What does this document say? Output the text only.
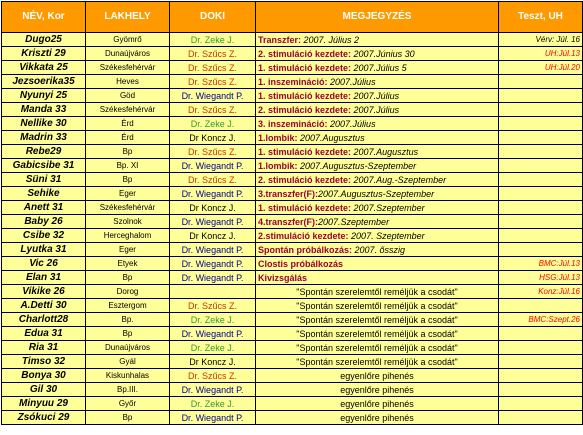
NÉV, Kor	LAKHELY	DOKI	MEGJEGYZÉS	Teszt, UH
Dugo25	Gyömrő	Dr. Zeke J.	Transzfer: 2007. Július 2	Vérv: Júl. 16
Kriszti 29	Dunaújváros	Dr. Szűcs Z.	2. stimuláció kezdete: 2007.Június 30	UH:Júl.13
Vikkata 25	Székesfehérvár	Dr. Szűcs Z.	1. stimuláció kezdete: 2007.Július 5	UH:Júl.20
Jezsoerika35	Heves	Dr. Szűcs Z.	1. inszemináció: 2007.Július	
Nyunyi 25	Göd	Dr. Wiegandt P.	1. stimuláció kezdete: 2007.Július	
Manda 33	Székesfehérvár	Dr. Szűcs Z.	2. stimuláció kezdete: 2007.Július	
Nellike 30	Érd	Dr. Zeke J.	3. inszemináció: 2007.Július	
Madrin 33	Érd	Dr Koncz J.	1.lombik: 2007.Augusztus	
Rebe29	Bp	Dr. Szűcs Z.	1. stimuláció kezdete: 2007.Augusztus	
Gabicsibe 31	Bp. XI	Dr. Wiegandt P.	1.lombik: 2007.Augusztus-Szeptember	
Süni 31	Bp	Dr. Szűcs Z.	2. stimuláció kezdete: 2007.Aug.-Szeptember	
Sehike	Eger	Dr. Wiegandt P.	3.transzfer(F):2007.Augusztus-Szeptember	
Anett 31	Székesfehérvár	Dr Koncz J.	1. stimuláció kezdete: 2007.Szeptember	
Baby 26	Szolnok	Dr. Wiegandt P.	4.transzfer(F):2007.Szeptember	
Csibe 32	Herceghalom	Dr Koncz J.	2.stimuláció kezdete: 2007. Szeptember	
Lyutka 31	Eger	Dr. Wiegandt P.	Spontán próbálkozás: 2007. ősszig	
Vic 26	Etyek	Dr. Wiegandt P.	Clostis próbálkozás	BMC:Júl.13
Elan 31	Bp	Dr. Wiegandt P.	Kivizsgálás	HSG:Júl.13
Vikike 26	Dorog		"Spontán szerelemtől reméljük a csodát"	Konz:Júl.16
A.Detti 30	Esztergom	Dr. Szűcs Z.	"Spontán szerelemtől reméljük a csodát"	
Charlott28	Bp.	Dr. Zeke J.	"Spontán szerelemtől reméljük a csodát"	BMC:Szept.26
Edua 31	Bp	Dr. Wiegandt P.	"Spontán szerelemtől reméljük a csodát"	
Ria 31	Dunaújváros	Dr. Zeke J.	"Spontán szerelemtől reméljük a csodát"	
Timso 32	Gyál	Dr Koncz J.	"Spontán szerelemtől reméljük a csodát"	
Bonya 30	Kiskunhalas	Dr. Szűcs Z.	egyenlőre pihenés	
Gil 30	Bp.III.	Dr. Wiegandt P.	egyenlőre pihenés	
Minyuu 29	Győr	Dr. Zeke J.	egyenlőre pihenés	
Zsókuci 29	Bp	Dr. Wiegandt P.	egyenlőre pihenés	
